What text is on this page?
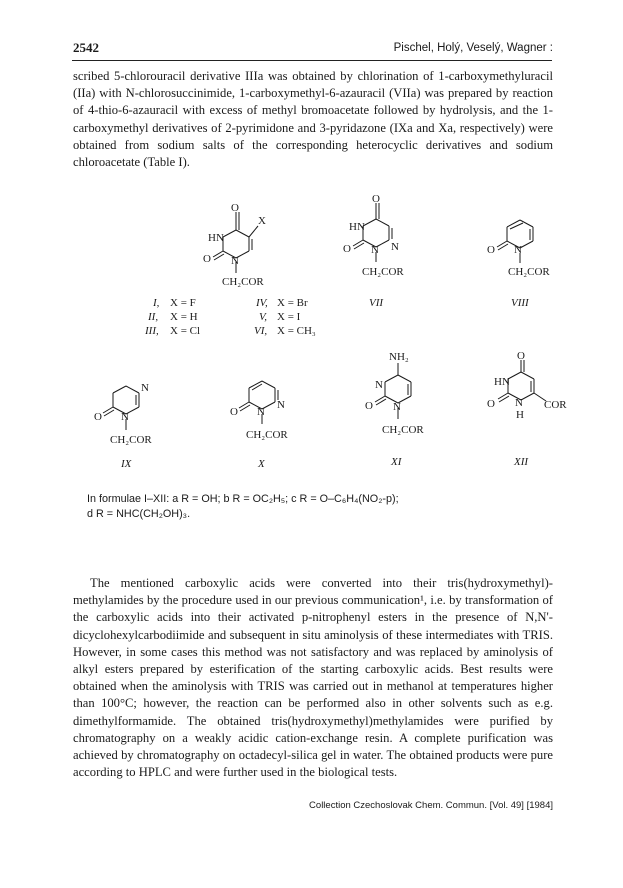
2542	Pischel, Holý, Veselý, Wagner :

scribed 5-chlorouracil derivative IIIa was obtained by chlorination of 1-carboxymethyluracil (IIa) with N-chlorosuccinimide, 1-carboxymethyl-6-azauracil (VIIa) was prepared by reaction of 4-thio-6-azauracil with excess of methyl bromoacetate followed by hydrolysis, and the 1-carboxymethyl derivatives of 2-pyrimidone and 3-pyridazone (IXa and Xa, respectively) were obtained from sodium salts of the corresponding heterocyclic derivatives and sodium chloroacetate (Table I).

O
HN
X
O N
CH₂COR
O
HN
N
O N
CH₂COR
O N
CH₂COR
I, X = F
II, X = H
III, X = Cl
IV, X = Br
V, X = I
VI, X = CH₃
VII	VIII
N
O N
CH₂COR
N
O N
CH₂COR
NH₂
N
O N
CH₂COR
O
HN
O N
H
COR
IX	X	XI	XII
In formulae I–XII: a R = OH; b R = OC₂H₅; c R = O–C₆H₄(NO₂-p);
d R = NHC(CH₂OH)₃.

The mentioned carboxylic acids were converted into their tris(hydroxymethyl)-methylamides by the procedure used in our previous communication¹, i.e. by transformation of the carboxylic acids into their activated p-nitrophenyl esters in the presence of N,N'-dicyclohexylcarbodiimide and subsequent in situ aminolysis of these intermediates with TRIS. However, in some cases this method was not satisfactory and was replaced by aminolysis of alkyl esters prepared by esterification of the starting carboxylic acids. Best results were obtained when the aminolysis with TRIS was carried out in methanol at temperatures higher than 100°C; however, the reaction can be performed also in other solvents such as e.g. dimethylformamide. The obtained tris(hydroxymethyl)methylamides were purified by chromatography on a weakly acidic cation-exchange resin. A complete purification was achieved by chromatography on octadecyl-silica gel in water. The obtained products were pure according to HPLC and were further used in the biological tests.

Collection Czechoslovak Chem. Commun. [Vol. 49] [1984]
